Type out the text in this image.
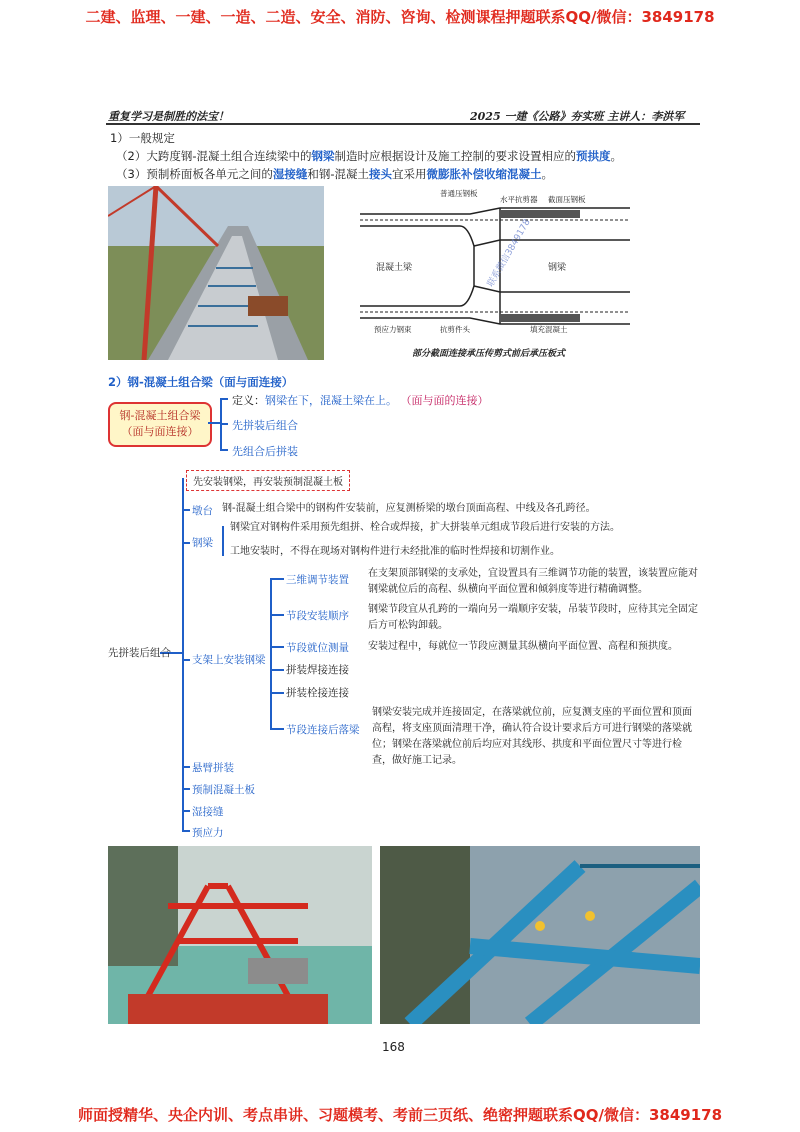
二建、监理、一建、一造、二造、安全、消防、咨询、检测课程押题联系QQ/微信：3849178
师面授精华、央企内训、考点串讲、习题模考、考前三页纸、绝密押题联系QQ/微信：3849178
重复学习是制胜的法宝！	2025 一建《公路》夯实班 主讲人：李洪军
1）一般规定
（2）大跨度钢-混凝土组合连续梁中的钢梁制造时应根据设计及施工控制的要求设置相应的预拱度。
（3）预制桥面板各单元之间的湿接缝和钢-混凝土接头宜采用微膨胀补偿收缩混凝土。
普通压钢板
水平抗剪器 截面压钢板
混凝土梁	钢梁
预应力钢束	抗剪件头	填充混凝土
联系微信3849178
部分截面连接承压传剪式前后承压板式
2）钢-混凝土组合梁（面与面连接）
钢-混凝土组合梁
（面与面连接）
定义：钢梁在下，混凝土梁在上。 （面与面的连接）
先拼装后组合
先组合后拼装
先安装钢梁，再安装预制混凝土板
先拼装后组合
墩台 钢-混凝土组合梁中的钢构件安装前，应复测桥梁的墩台顶面高程、中线及各孔跨径。
钢梁
钢梁宜对钢构件采用预先组拼、栓合或焊接，扩大拼装单元组成节段后进行安装的方法。
工地安装时，不得在现场对钢构件进行未经批准的临时性焊接和切割作业。
支架上安装钢梁
三维调节装置
在支架顶部钢梁的支承处，宜设置具有三维调节功能的装置，该装置应能对钢梁就位后的高程、纵横向平面位置和倾斜度等进行精确调整。
节段安装顺序
钢梁节段宜从孔跨的一端向另一端顺序安装，吊装节段时，应待其完全固定后方可松钩卸载。
节段就位测量 安装过程中，每就位一节段应测量其纵横向平面位置、高程和预拱度。
拼装焊接连接
拼装栓接连接
节段连接后落梁
钢梁安装完成并连接固定，在落梁就位前，应复测支座的平面位置和顶面高程，将支座顶面清理干净，确认符合设计要求后方可进行钢梁的落梁就位；钢梁在落梁就位前后均应对其线形、拱度和平面位置尺寸等进行检查，做好施工记录。
悬臂拼装
预制混凝土板
湿接缝
预应力
168
